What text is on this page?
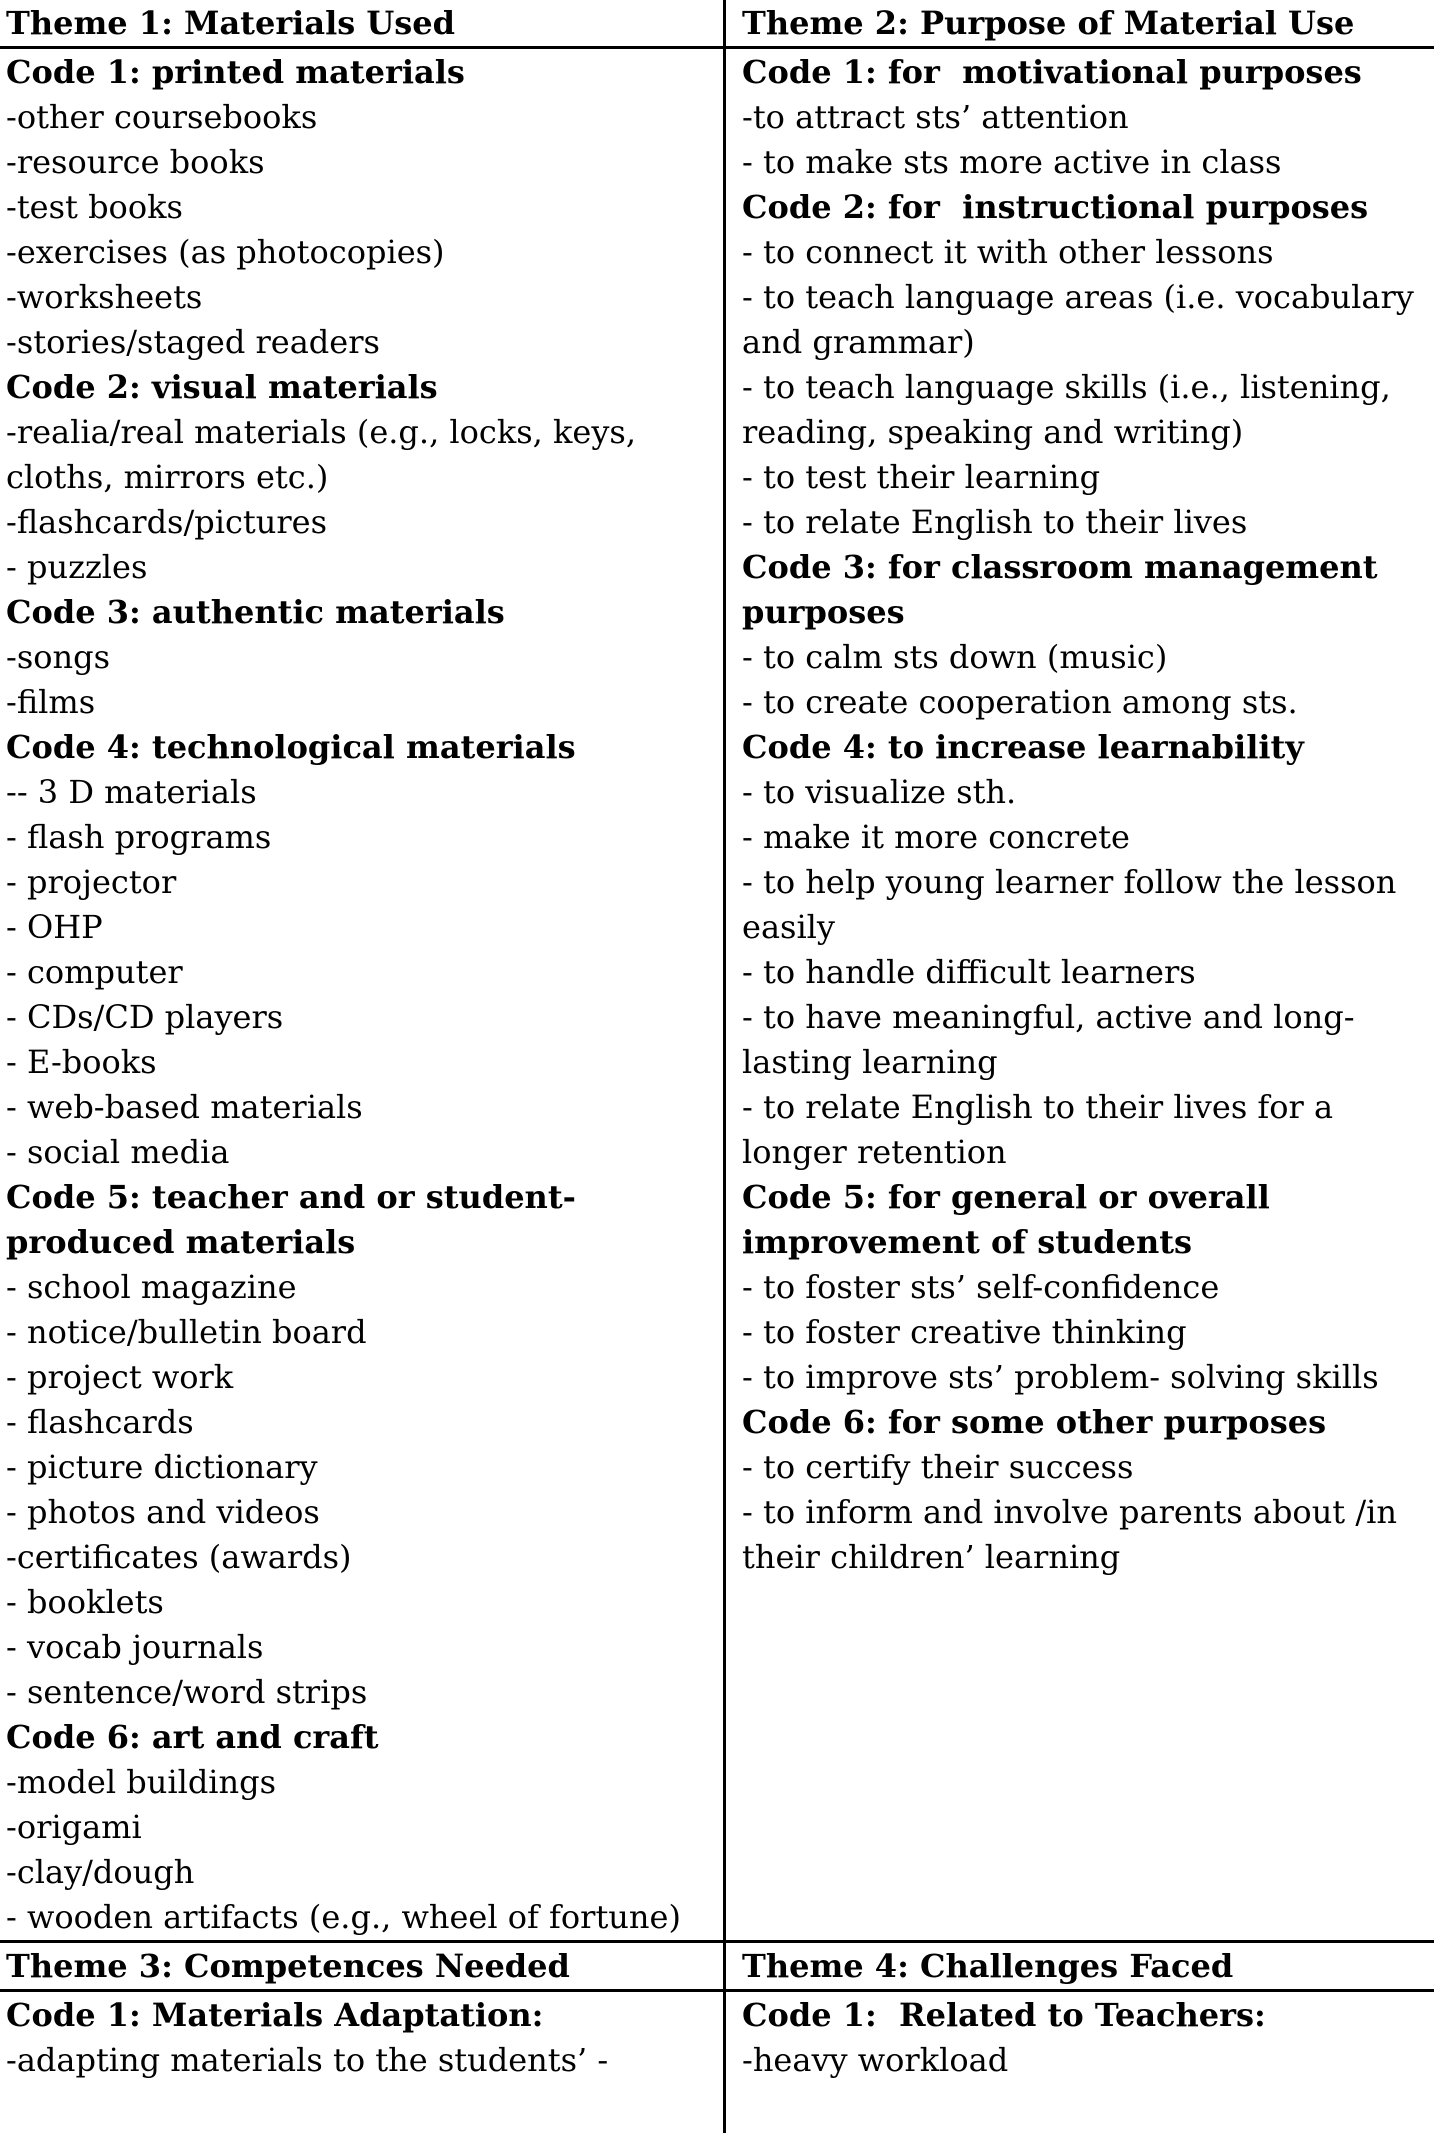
Theme 1: Materials Used	Theme 2: Purpose of Material Use
Code 1: printed materials
-other coursebooks
-resource books
-test books
-exercises (as photocopies)
-worksheets
-stories/staged readers
Code 2: visual materials
-realia/real materials (e.g., locks, keys, cloths, mirrors etc.)
-flashcards/pictures
- puzzles
Code 3: authentic materials
-songs
-films
Code 4: technological materials
-- 3 D materials
- flash programs
- projector
- OHP
- computer
- CDs/CD players
- E-books
- web-based materials
- social media
Code 5: teacher and or student-produced materials
- school magazine
- notice/bulletin board
- project work
- flashcards
- picture dictionary
- photos and videos
-certificates (awards)
- booklets
- vocab journals
- sentence/word strips
Code 6: art and craft
-model buildings
-origami
-clay/dough
- wooden artifacts (e.g., wheel of fortune)
Code 1: for  motivational purposes
-to attract sts’ attention
- to make sts more active in class
Code 2: for  instructional purposes
- to connect it with other lessons
- to teach language areas (i.e. vocabulary and grammar)
- to teach language skills (i.e., listening, reading, speaking and writing)
- to test their learning
- to relate English to their lives
Code 3: for classroom management purposes
- to calm sts down (music)
- to create cooperation among sts.
Code 4: to increase learnability
- to visualize sth.
- make it more concrete
- to help young learner follow the lesson easily
- to handle difficult learners
- to have meaningful, active and long-lasting learning
- to relate English to their lives for a longer retention
Code 5: for general or overall improvement of students
- to foster sts’ self-confidence
- to foster creative thinking
- to improve sts’ problem- solving skills
Code 6: for some other purposes
- to certify their success
- to inform and involve parents about /in their children’ learning
Theme 3: Competences Needed	Theme 4: Challenges Faced
Code 1: Materials Adaptation:
-adapting materials to the students’ -
Code 1:  Related to Teachers:
-heavy workload
